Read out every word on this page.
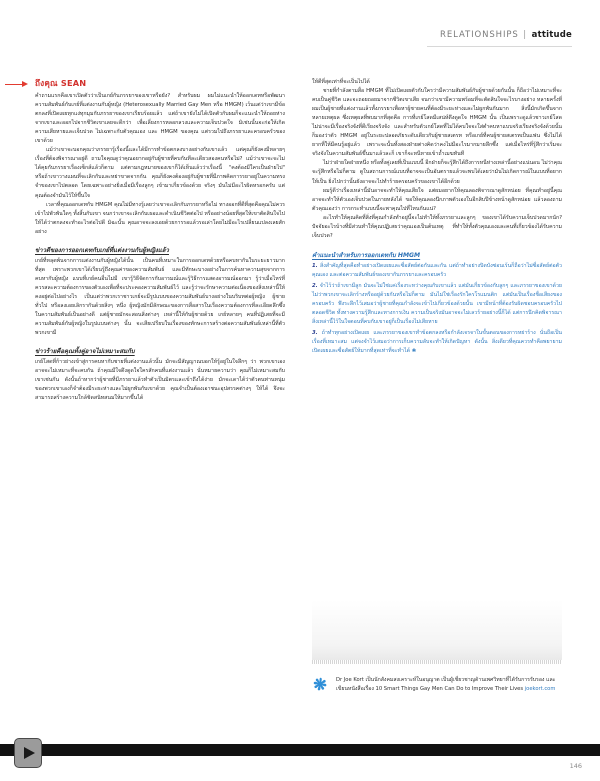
RELATIONSHIPS | attitude
ถึงคุณ SEAN

คำถามแรกคือเขาเปิดตัวว่าเป็นเกย์กับภรรยาของเขาหรือยัง? สำหรับผม ผมไม่แนะนำให้ออกเดทหรือพัฒนาความสัมพันธ์กับเกย์ที่แต่งงานกับผู้หญิง (Heterosexually Married Gay Men หรือ HMGM) เว้นแต่ว่าเขามีข้อตกลงที่เปิดเผยทุกแง่ทุกมุมกับภรรยาของเขาเรียบร้อยแล้ว แต่ถ้าเขายังไม่ได้เปิดตัวกับผมก็จะแนะนำให้ถอยห่างจากเขาและออกไปจากชีวิตเขาเลยจะดีกว่า เพื่อเลี่ยงการหลอกลวงและความเจ็บปวดใจ มิเช่นนั้นจะก่อให้เกิดความเสียหายและเจ็บปวด ไม่เฉพาะกับตัวคุณเอง และ HMGM ของคุณ แต่รวมไปถึงภรรยาและครอบครัวของเขาด้วย

แม้ว่าเขาจะบอกคุณว่าภรรยารู้เรื่องนี้และได้มีการทำข้อตกลงบางอย่างกับเขาแล้ว แต่คุณก็ยังคงมีหลายๆ เรื่องที่ต้องพิจารณาอยู่ดี ถามใจคุณดูว่าคุณอยากอยู่กับผู้ชายที่คบกันทีละเดียวสองคนหรือไม่? แม้ว่าเขาจะจะไม่ได้คุยกับภรรยาเรื่องเซ็กส์แล้วก็ตาม แต่ตามกฎหมายของเขาก็ได้เห็นแล้วว่าเรื่องนี้ "คงต้องมีใครเป็นฝ่ายไป" หรือถ้าเขาวางแผนที่จะเลิกกับและหย่าขาดจากกัน คุณก็ยังคงต้องอยู่กับผู้ชายที่มีภาพคิดการรยาอยู่ในความทรงจำของเขาไปตลอด โดยเฉพาะอย่างยิ่งเมื่อมีเรื่องลูกๆ เข้ามาเกี่ยวข้องด้วย จริงๆ มันไม่มีอะไรผิดหรอกครับ แต่คุณต้องจำมันไว้ให้ขึ้นใจ

เวลาที่คุณออกเดทกับ HMGM คุณไม่มีทางรู้เลยว่าเขาจะเลิกกับภรรยาหรือไม่ ทางออกที่ดีที่สุดคือคุณไม่ควรเข้าไปพัวพันใดๆ ทั้งสิ้นกับเขา จนกว่าเขาจะเลิกกับเธอและดำเนินชีวิตต่อไป หรืออย่างน้อยที่สุดให้เขาตัดสินใจไปให้ได้ว่าตกลงจะทำอะไรต่อไปดี มิฉะนั้น คุณอาจจะลงเอยด้วยการรอแล้วรอเล่าโดยไม่มีอะไรเปลี่ยนแปลงเลยสักอย่าง

ข่าวดีของการออกเดทกับเกย์ที่แต่งงานกับผู้หญิงแล้ว

เกย์ที่หลุดพ้นจากการแต่งงานกับผู้หญิงได้นั้น เป็นคนที่เหมาะในการออกเดทด้วยหรือคบหากันในระยะยาวมากที่สุด เพราะพวกเขาได้เรียนรู้ถึงคุณค่าของความสัมพันธ์ และมีทักษะบางอย่างในการค้นหาความสุขจากการคบหากับผู้หญิง แบบที่เกย์คนอื่นไม่มี เขารู้วิธีจัดการกับอารมณ์และรู้วิธีการแสดงอารมณ์ออกมา รู้ว่าเมื่อไหร่ที่ควรสละความต้องการของตัวเองเพื่อที่จะประคองความสัมพันธ์ไว้ และรู้ว่าจะรักษาความต่อเนื่องของสิ่งเหล่านี้ให้คงอยู่ต่อไปอย่างไร เป็นแต่ว่าพวกเราชาวเกย์จะมีรูปแบบของความสัมพันธ์บางอย่างในบริบทต่อผู้หญิง ผู้ชายทั่วไป หรือลงเอยเลิกรากันด้วยสิ่งๆ หนึ่ง ผู้หญิงมักมีลักษณะของการสื่อสารในเรื่องความต้องการที่ละเอียดลึกซึ้งในความสัมพันธ์เป็นอย่างดี แต่ผู้ชายมักจะสอนสิ่งต่างๆ เหล่านี้ให้กับผู้ชายด้วย เกย์หลายๆ คนที่ปฏิเสธที่จะมีความสัมพันธ์กับผู้หญิงในรูปแบบต่างๆ นั้น จะเสียเปรียบในเรื่องของทักษะการสร้างต่อความสัมพันธ์เหล่านี้ที่ตัวพวกเขามี

ข่าวร้ายคือคุณทั้งคู่อาจไม่เหมาะสมกับ

เกย์โสดที่ก้าวย่างเข้าสู่การคบหากับชายที่แต่งงานแล้วนั้น มักจะมีสัญญาณบอกให้รู้อยู่ในใจลึกๆ ว่า พวกเขาเองอาจจะไม่เหมาะที่จะคบกัน ถ้าคุณมีใจดึงดูดใจใครสักคนที่แต่งงานแล้ว นั่นหมายความว่า คุณก็ไม่เหมาะสมกับเขาเช่นกัน ดังนั้นถ้าหากว่าผู้ชายที่มีภรรยาแล้วทำตัวเป็นมิตรและเข้าถึงได้ง่าย มักจะเดาได้ว่าตัวตนท่านหนุ่มของพวกเขาเองก็จำต้องมีระยะห่างและไม่ผูกพันกับเขาด้วย คุณจำเป็นต้องเอาชนะอุปสรรคต่างๆ ให้ได้ จึงจะสามารถสร้างความใกล้ชิดสนิทสนมให้มากขึ้นได้

ให้ดีที่สุดเท่าที่จะเป็นไปได้

ชายที่กำลังตามสื่อ HMGM ที่ไม่เปิดเผยตัวกับใครว่ามีความสัมพันธ์กับผู้ชายด้วยกันนั้น ก็ถือว่าไม่เหมาะที่จะคบเป็นคู่ชีวิต และจะถอยถอยมาจากชีวิตเขาเสีย จนกว่าเขามีความพร้อมที่จะตัดสินใจจะไรบางอย่าง หลายครั้งที่ผมเป็นผู้ชายที่แต่งงานแล้วทั้งภรรยาเพื่อหาผู้ชายคนที่ต้องมีระยะห่างและไม่ผูกพันกันมาก สิ่งนี้มักเกิดขึ้นจากหลายเหตุผล ซึ่งเหตุผลที่พบมากที่สุดคือ การที่เกย์โสดมีเสน่ห์ดึงดูดใจ HMGM นั้น เป็นเพราะดูแล้วชาวเกย์โสดไม่น่าจะมีเรื่องจริงจังที่ดีเรียงจริงจัง และสำหรับตัวเกย์โสดที่ไม่ได้คบใจจะใส่ตำคบหาแบบจริงเรียงจริงจังด้วยนั้น ก็มองว่าตัว HMGM อยู่ในระยะปลอดภัยระดับเดียวกับผู้ชายสเตรท หรือเกย์ที่คบผู้ชายสเตรทเป็นแฟน ซึ่งไม่ได้ยากที่ให้มีคนรู้อยู่แล้ว เพราะจะนั้นทั้งสองฝ่ายต่างคิดว่าคงไม่มีอะไรมากมายลึกซึ้ง แต่เมื่อไหร่ที่รู้สึกว่าเริ่มจะจริงจังในความสัมพันธ์ขึ้นมาแล้วละก็ เขาก็จะหนีหายเข้าถ้ำเมฆทันที

ไม่ว่าฝ่ายใดฝ่ายหนึ่ง หรือทั้งคู่เลยที่เป็นแบบนี้ อีกฝ่ายก็จะรู้สึกได้ถึงการหนีห่างเหล่านี้อย่างแน่นอน ไม่ว่าคุณจะรู้สึกหรือไม่ก็ตาม ดูในสถานการณ์แบบที่อาจจะเป็นอันตรายแล้วจะพบได้เลยว่ามันไม่เกิดการณ์ในแบบที่อยากให้เป็น ยิ่งไปกว่านั้นยังอาจจะไปทำร้ายครอบครัวของเขาได้อีกด้วย

ผมรู้ดีว่าเรื่องเหล่านี้มันอาจจะทำให้คุณเสียใจ แต่ผมอยากให้คุณลองพิจารณาดูสักหน่อย ที่คุณทำอยู่นี้คุณอาจจะทำให้ตัวเองเจ็บปวดในภายหลังได้ ขอให้คุณลองนึกภาพตัวเองในอีกสิบปีข้างหน้าดูสักหน่อย แล้วลองถามตัวคุณเองว่า การกระทำแบบนี้จะพาคุณไปที่ไหนกันแน่?

อะไรทำให้คุณคิดที่สิ่งที่คุณกำลังทำอยู่นี้จะไม่ทำให้ทั้งภรรยาและลูกๆ ของเขาได้รับความเจ็บปวดมากนัก? ปัจจัยอะไรบ้างที่มีส่วนทำให้คุณปฏิเสธว่าคุณเองเป็นต้นเหตุ ที่ทำให้ทั้งตัวคุณเองและคนที่เกี่ยวข้องได้รับความเจ็บปวด?

คำแนะนำสำหรับการออกเดทกับ HMGM

1. สิ่งสำคัญที่สุดคือทำอย่างเปิดเผยและซื่อสัตย์ต่อกันและกัน แต่ถ้าทำอย่างปิดบังซ่อนเร้นก็ถือว่าไม่ซื่อสัตย์ต่อตัวคุณเอง และต่อความสัมพันธ์ของเขากับภรรยาและครอบครัว

2. จำไว้ว่าถ้าเขามีลูก มันจะไม่ใช่แค่เรื่องระหว่างคุณกับเขาแล้ว แต่มันเกี่ยวข้องกับลูกๆ และภรรยาของเขาด้วย ไม่ว่าพวกเขาจะเลิกร้างหรืออยู่ด้วยกันหรือไม่ก็ตาม มันไม่ใช่เรื่องรักใครโรแมนติก แต่มันเป็นเรื่องชื่อเสียงของครอบครัว พึงระลึกไว้เสมอว่าผู้ชายที่คุณกำลังจะเข้าไปเกี่ยวข้องด้วยนั้น เขามีหน้าที่ต้องรับผิดชอบครอบครัวไปตลอดชีวิต ทั้งทางความรู้สึกและทางการเงิน ความเป็นจริงมันอาจจะไม่เลวร้ายอย่างนี้ก็ได้ แต่การนึกคิดพิจารณาสิ่งเหล่านี้ไว้ในใจตอนที่คบกับเขาอยู่ก็เป็นเรื่องไม่เสียหาย

3. ถ้าทำทุกอย่างเปิดเผย และภรรยาของเขาทำข้อตกลงหรือกำลังเจรจาในขั้นตอนของการหย่าร้าง นั่นถือเป็นเรื่องที่เหมาะสม แต่จงจำไว้เสมอว่าการเก็บความลับจะทำให้เกิดปัญหา ดังนั้น สิ่งเดียวที่คุณควรทำคือพยายามเปิดเผยและซื่อสัตย์ให้มากที่สุดเท่าที่จะทำได้ ❀

Dr Joe Kort เป็นนักสังคมสงเคราะห์ในอนุญาต เป็นผู้เชี่ยวชาญด้านเพศวิทยาที่ได้รับการรับรอง และเขียนหนังสือเรื่อง 10 Smart Things Gay Men Can Do to Improve Their Lives joekort.com
146
